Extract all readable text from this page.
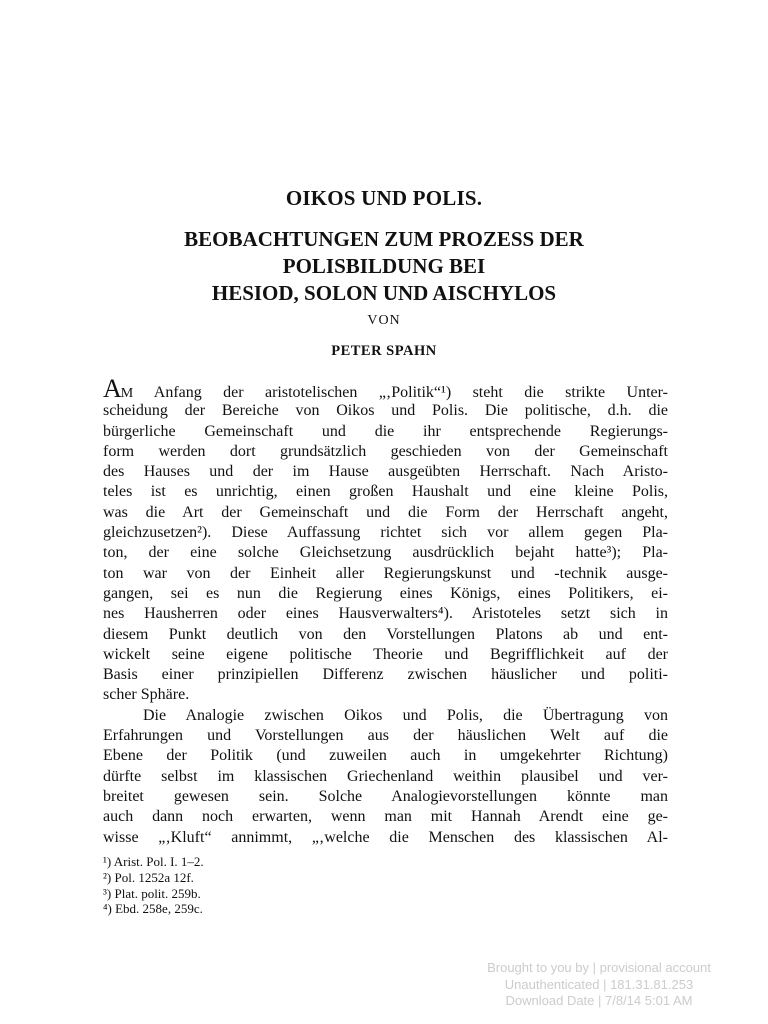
OIKOS UND POLIS.
BEOBACHTUNGEN ZUM PROZESS DER
POLISBILDUNG BEI
HESIOD, SOLON UND AISCHYLOS
VON
PETER SPAHN
AM Anfang der aristotelischen „‚Politik“¹) steht die strikte Unter-
scheidung der Bereiche von Oikos und Polis. Die politische, d.h. die
bürgerliche Gemeinschaft und die ihr entsprechende Regierungs-
form werden dort grundsätzlich geschieden von der Gemeinschaft
des Hauses und der im Hause ausgeübten Herrschaft. Nach Aristo-
teles ist es unrichtig, einen großen Haushalt und eine kleine Polis,
was die Art der Gemeinschaft und die Form der Herrschaft angeht,
gleichzusetzen²). Diese Auffassung richtet sich vor allem gegen Pla-
ton, der eine solche Gleichsetzung ausdrücklich bejaht hatte³); Pla-
ton war von der Einheit aller Regierungskunst und -technik ausge-
gangen, sei es nun die Regierung eines Königs, eines Politikers, ei-
nes Hausherren oder eines Hausverwalters⁴). Aristoteles setzt sich in
diesem Punkt deutlich von den Vorstellungen Platons ab und ent-
wickelt seine eigene politische Theorie und Begrifflichkeit auf der
Basis einer prinzipiellen Differenz zwischen häuslicher und politi-
scher Sphäre.
Die Analogie zwischen Oikos und Polis, die Übertragung von
Erfahrungen und Vorstellungen aus der häuslichen Welt auf die
Ebene der Politik (und zuweilen auch in umgekehrter Richtung)
dürfte selbst im klassischen Griechenland weithin plausibel und ver-
breitet gewesen sein. Solche Analogievorstellungen könnte man
auch dann noch erwarten, wenn man mit Hannah Arendt eine ge-
wisse „‚Kluft“ annimmt, „‚welche die Menschen des klassischen Al-
¹) Arist. Pol. I. 1–2.
²) Pol. 1252a 12f.
³) Plat. polit. 259b.
⁴) Ebd. 258e, 259c.
Brought to you by | provisional account
Unauthenticated | 181.31.81.253
Download Date | 7/8/14 5:01 AM
